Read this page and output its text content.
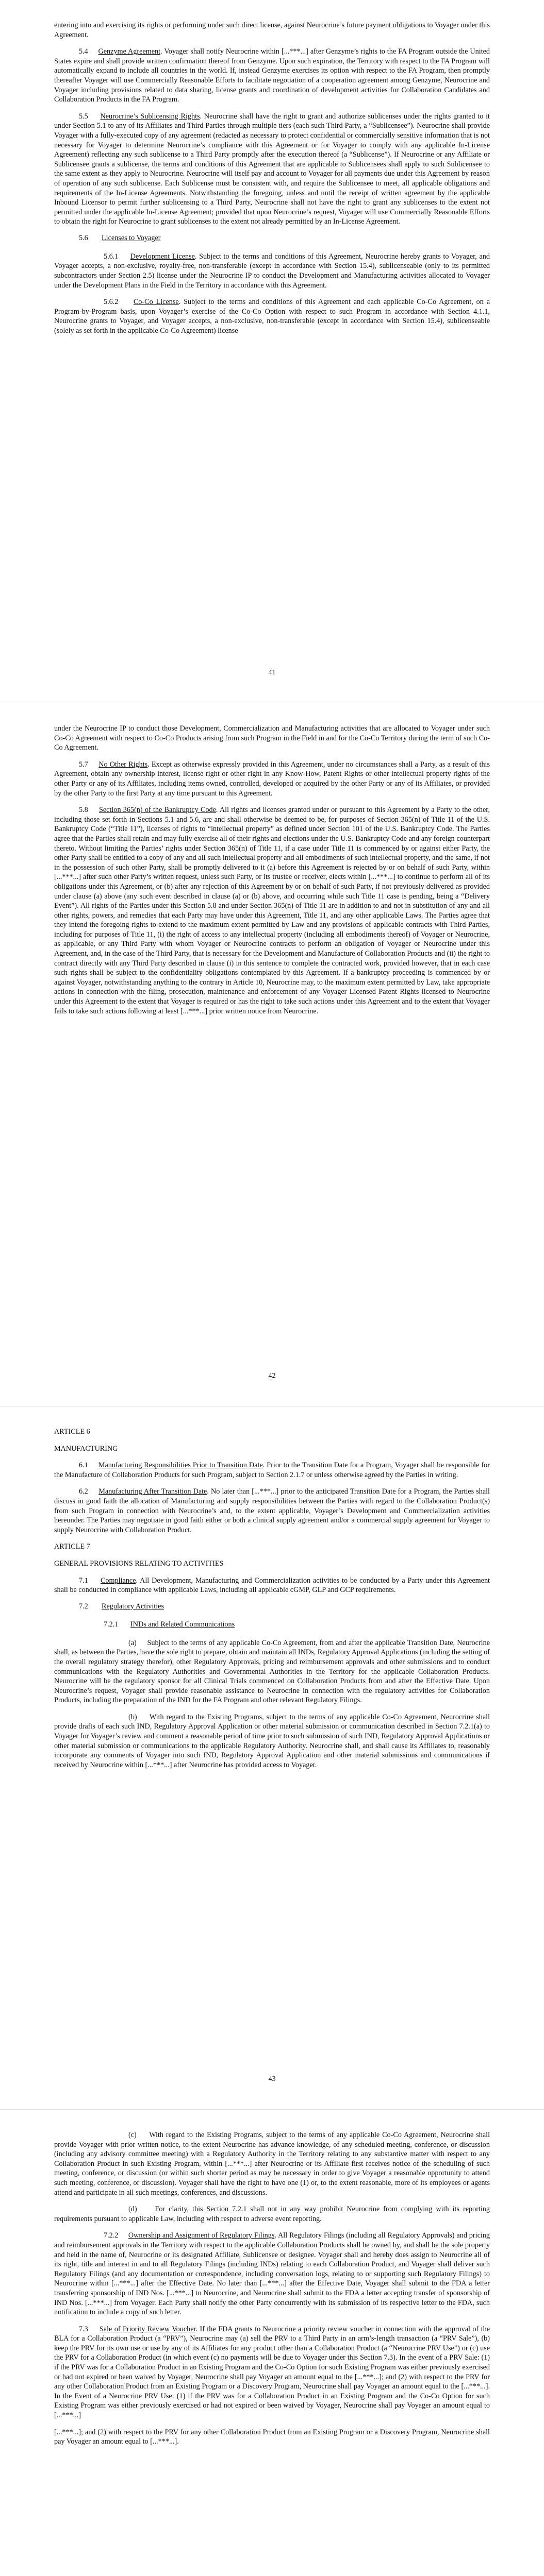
entering into and exercising its rights or performing under such direct license, against Neurocrine’s future payment obligations to Voyager under this Agreement.

5.4 Genzyme Agreement. Voyager shall notify Neurocrine within [...***...] after Genzyme’s rights to the FA Program outside the United States expire and shall provide written confirmation thereof from Genzyme. Upon such expiration, the Territory with respect to the FA Program will automatically expand to include all countries in the world. If, instead Genzyme exercises its option with respect to the FA Program, then promptly thereafter Voyager will use Commercially Reasonable Efforts to facilitate negotiation of a cooperation agreement among Genzyme, Neurocrine and Voyager including provisions related to data sharing, license grants and coordination of development activities for Collaboration Candidates and Collaboration Products in the FA Program.

5.5 Neurocrine’s Sublicensing Rights. Neurocrine shall have the right to grant and authorize sublicenses under the rights granted to it under Section 5.1 to any of its Affiliates and Third Parties through multiple tiers (each such Third Party, a “Sublicensee”). Neurocrine shall provide Voyager with a fully-executed copy of any agreement (redacted as necessary to protect confidential or commercially sensitive information that is not necessary for Voyager to determine Neurocrine’s compliance with this Agreement or for Voyager to comply with any applicable In-License Agreement) reflecting any such sublicense to a Third Party promptly after the execution thereof (a “Sublicense”). If Neurocrine or any Affiliate or Sublicensee grants a sublicense, the terms and conditions of this Agreement that are applicable to Sublicensees shall apply to such Sublicensee to the same extent as they apply to Neurocrine. Neurocrine will itself pay and account to Voyager for all payments due under this Agreement by reason of operation of any such sublicense. Each Sublicense must be consistent with, and require the Sublicensee to meet, all applicable obligations and requirements of the In-License Agreements. Notwithstanding the foregoing, unless and until the receipt of written agreement by the applicable Inbound Licensor to permit further sublicensing to a Third Party, Neurocrine shall not have the right to grant any sublicenses to the extent not permitted under the applicable In-License Agreement; provided that upon Neurocrine’s request, Voyager will use Commercially Reasonable Efforts to obtain the right for Neurocrine to grant sublicenses to the extent not already permitted by an In-License Agreement.

5.6 Licenses to Voyager

5.6.1 Development License. Subject to the terms and conditions of this Agreement, Neurocrine hereby grants to Voyager, and Voyager accepts, a non-exclusive, royalty-free, non-transferable (except in accordance with Section 15.4), sublicenseable (only to its permitted subcontractors under Section 2.5) license under the Neurocrine IP to conduct the Development and Manufacturing activities allocated to Voyager under the Development Plans in the Field in the Territory in accordance with this Agreement.

5.6.2 Co-Co License. Subject to the terms and conditions of this Agreement and each applicable Co-Co Agreement, on a Program-by-Program basis, upon Voyager’s exercise of the Co-Co Option with respect to such Program in accordance with Section 4.1.1, Neurocrine grants to Voyager, and Voyager accepts, a non-exclusive, non-transferable (except in accordance with Section 15.4), sublicenseable (solely as set forth in the applicable Co-Co Agreement) license

41

under the Neurocrine IP to conduct those Development, Commercialization and Manufacturing activities that are allocated to Voyager under such Co-Co Agreement with respect to Co-Co Products arising from such Program in the Field in and for the Co-Co Territory during the term of such Co-Co Agreement.

5.7 No Other Rights. Except as otherwise expressly provided in this Agreement, under no circumstances shall a Party, as a result of this Agreement, obtain any ownership interest, license right or other right in any Know-How, Patent Rights or other intellectual property rights of the other Party or any of its Affiliates, including items owned, controlled, developed or acquired by the other Party or any of its Affiliates, or provided by the other Party to the first Party at any time pursuant to this Agreement.

5.8 Section 365(n) of the Bankruptcy Code. All rights and licenses granted under or pursuant to this Agreement by a Party to the other, including those set forth in Sections 5.1 and 5.6, are and shall otherwise be deemed to be, for purposes of Section 365(n) of Title 11 of the U.S. Bankruptcy Code (“Title 11”), licenses of rights to “intellectual property” as defined under Section 101 of the U.S. Bankruptcy Code. The Parties agree that the Parties shall retain and may fully exercise all of their rights and elections under the U.S. Bankruptcy Code and any foreign counterpart thereto. Without limiting the Parties’ rights under Section 365(n) of Title 11, if a case under Title 11 is commenced by or against either Party, the other Party shall be entitled to a copy of any and all such intellectual property and all embodiments of such intellectual property, and the same, if not in the possession of such other Party, shall be promptly delivered to it (a) before this Agreement is rejected by or on behalf of such Party, within [...***...] after such other Party’s written request, unless such Party, or its trustee or receiver, elects within [...***...] to continue to perform all of its obligations under this Agreement, or (b) after any rejection of this Agreement by or on behalf of such Party, if not previously delivered as provided under clause (a) above (any such event described in clause (a) or (b) above, and occurring while such Title 11 case is pending, being a “Delivery Event”). All rights of the Parties under this Section 5.8 and under Section 365(n) of Title 11 are in addition to and not in substitution of any and all other rights, powers, and remedies that each Party may have under this Agreement, Title 11, and any other applicable Laws. The Parties agree that they intend the foregoing rights to extend to the maximum extent permitted by Law and any provisions of applicable contracts with Third Parties, including for purposes of Title 11, (i) the right of access to any intellectual property (including all embodiments thereof) of Voyager or Neurocrine, as applicable, or any Third Party with whom Voyager or Neurocrine contracts to perform an obligation of Voyager or Neurocrine under this Agreement, and, in the case of the Third Party, that is necessary for the Development and Manufacture of Collaboration Products and (ii) the right to contract directly with any Third Party described in clause (i) in this sentence to complete the contracted work, provided however, that in each case such rights shall be subject to the confidentiality obligations contemplated by this Agreement. If a bankruptcy proceeding is commenced by or against Voyager, notwithstanding anything to the contrary in Article 10, Neurocrine may, to the maximum extent permitted by Law, take appropriate actions in connection with the filing, prosecution, maintenance and enforcement of any Voyager Licensed Patent Rights licensed to Neurocrine under this Agreement to the extent that Voyager is required or has the right to take such actions under this Agreement and to the extent that Voyager fails to take such actions following at least [...***...] prior written notice from Neurocrine.

42

ARTICLE 6

MANUFACTURING

6.1 Manufacturing Responsibilities Prior to Transition Date. Prior to the Transition Date for a Program, Voyager shall be responsible for the Manufacture of Collaboration Products for such Program, subject to Section 2.1.7 or unless otherwise agreed by the Parties in writing.

6.2 Manufacturing After Transition Date. No later than [...***...] prior to the anticipated Transition Date for a Program, the Parties shall discuss in good faith the allocation of Manufacturing and supply responsibilities between the Parties with regard to the Collaboration Product(s) from such Program in connection with Neurocrine’s and, to the extent applicable, Voyager’s Development and Commercialization activities hereunder. The Parties may negotiate in good faith either or both a clinical supply agreement and/or a commercial supply agreement for Voyager to supply Neurocrine with Collaboration Product.

ARTICLE 7

GENERAL PROVISIONS RELATING TO ACTIVITIES

7.1 Compliance. All Development, Manufacturing and Commercialization activities to be conducted by a Party under this Agreement shall be conducted in compliance with applicable Laws, including all applicable cGMP, GLP and GCP requirements.

7.2 Regulatory Activities
7.2.1 INDs and Related Communications

(a) Subject to the terms of any applicable Co-Co Agreement, from and after the applicable Transition Date, Neurocrine shall, as between the Parties, have the sole right to prepare, obtain and maintain all INDs, Regulatory Approval Applications (including the setting of the overall regulatory strategy therefor), other Regulatory Approvals, pricing and reimbursement approvals and other submissions and to conduct communications with the Regulatory Authorities and Governmental Authorities in the Territory for the applicable Collaboration Products. Neurocrine will be the regulatory sponsor for all Clinical Trials commenced on Collaboration Products from and after the Effective Date. Upon Neurocrine’s request, Voyager shall provide reasonable assistance to Neurocrine in connection with the regulatory activities for Collaboration Products, including the preparation of the IND for the FA Program and other relevant Regulatory Filings.

(b) With regard to the Existing Programs, subject to the terms of any applicable Co-Co Agreement, Neurocrine shall provide drafts of each such IND, Regulatory Approval Application or other material submission or communication described in Section 7.2.1(a) to Voyager for Voyager’s review and comment a reasonable period of time prior to such submission of such IND, Regulatory Approval Applications or other material submission or communications to the applicable Regulatory Authority. Neurocrine shall, and shall cause its Affiliates to, reasonably incorporate any comments of Voyager into such IND, Regulatory Approval Application and other material submissions and communications if received by Neurocrine within [...***...] after Neurocrine has provided access to Voyager.

43

(c) With regard to the Existing Programs, subject to the terms of any applicable Co-Co Agreement, Neurocrine shall provide Voyager with prior written notice, to the extent Neurocrine has advance knowledge, of any scheduled meeting, conference, or discussion (including any advisory committee meeting) with a Regulatory Authority in the Territory relating to any substantive matter with respect to any Collaboration Product in such Existing Program, within [...***...] after Neurocrine or its Affiliate first receives notice of the scheduling of such meeting, conference, or discussion (or within such shorter period as may be necessary in order to give Voyager a reasonable opportunity to attend such meeting, conference, or discussion). Voyager shall have the right to have one (1) or, to the extent reasonable, more of its employees or agents attend and participate in all such meetings, conferences, and discussions.

(d) For clarity, this Section 7.2.1 shall not in any way prohibit Neurocrine from complying with its reporting requirements pursuant to applicable Law, including with respect to adverse event reporting.

7.2.2 Ownership and Assignment of Regulatory Filings. All Regulatory Filings (including all Regulatory Approvals) and pricing and reimbursement approvals in the Territory with respect to the applicable Collaboration Products shall be owned by, and shall be the sole property and held in the name of, Neurocrine or its designated Affiliate, Sublicensee or designee. Voyager shall and hereby does assign to Neurocrine all of its right, title and interest in and to all Regulatory Filings (including INDs) relating to each Collaboration Product, and Voyager shall deliver such Regulatory Filings (and any documentation or correspondence, including conversation logs, relating to or supporting such Regulatory Filings) to Neurocrine within [...***...] after the Effective Date. No later than [...***...] after the Effective Date, Voyager shall submit to the FDA a letter transferring sponsorship of IND Nos. [...***...] to Neurocrine, and Neurocrine shall submit to the FDA a letter accepting transfer of sponsorship of IND Nos. [...***...] from Voyager. Each Party shall notify the other Party concurrently with its submission of its respective letter to the FDA, such notification to include a copy of such letter.

7.3 Sale of Priority Review Voucher. If the FDA grants to Neurocrine a priority review voucher in connection with the approval of the BLA for a Collaboration Product (a “PRV”), Neurocrine may (a) sell the PRV to a Third Party in an arm’s-length transaction (a “PRV Sale”), (b) keep the PRV for its own use or use by any of its Affiliates for any product other than a Collaboration Product (a “Neurocrine PRV Use”) or (c) use the PRV for a Collaboration Product (in which event (c) no payments will be due to Voyager under this Section 7.3). In the event of a PRV Sale: (1) if the PRV was for a Collaboration Product in an Existing Program and the Co-Co Option for such Existing Program was either previously exercised or had not expired or been waived by Voyager, Neurocrine shall pay Voyager an amount equal to the [...***...]; and (2) with respect to the PRV for any other Collaboration Product from an Existing Program or a Discovery Program, Neurocrine shall pay Voyager an amount equal to the [...***...]. In the Event of a Neurocrine PRV Use: (1) if the PRV was for a Collaboration Product in an Existing Program and the Co-Co Option for such Existing Program was either previously exercised or had not expired or been waived by Voyager, Neurocrine shall pay Voyager an amount equal to [...***...]

[...***...]; and (2) with respect to the PRV for any other Collaboration Product from an Existing Program or a Discovery Program, Neurocrine shall pay Voyager an amount equal to [...***...].
